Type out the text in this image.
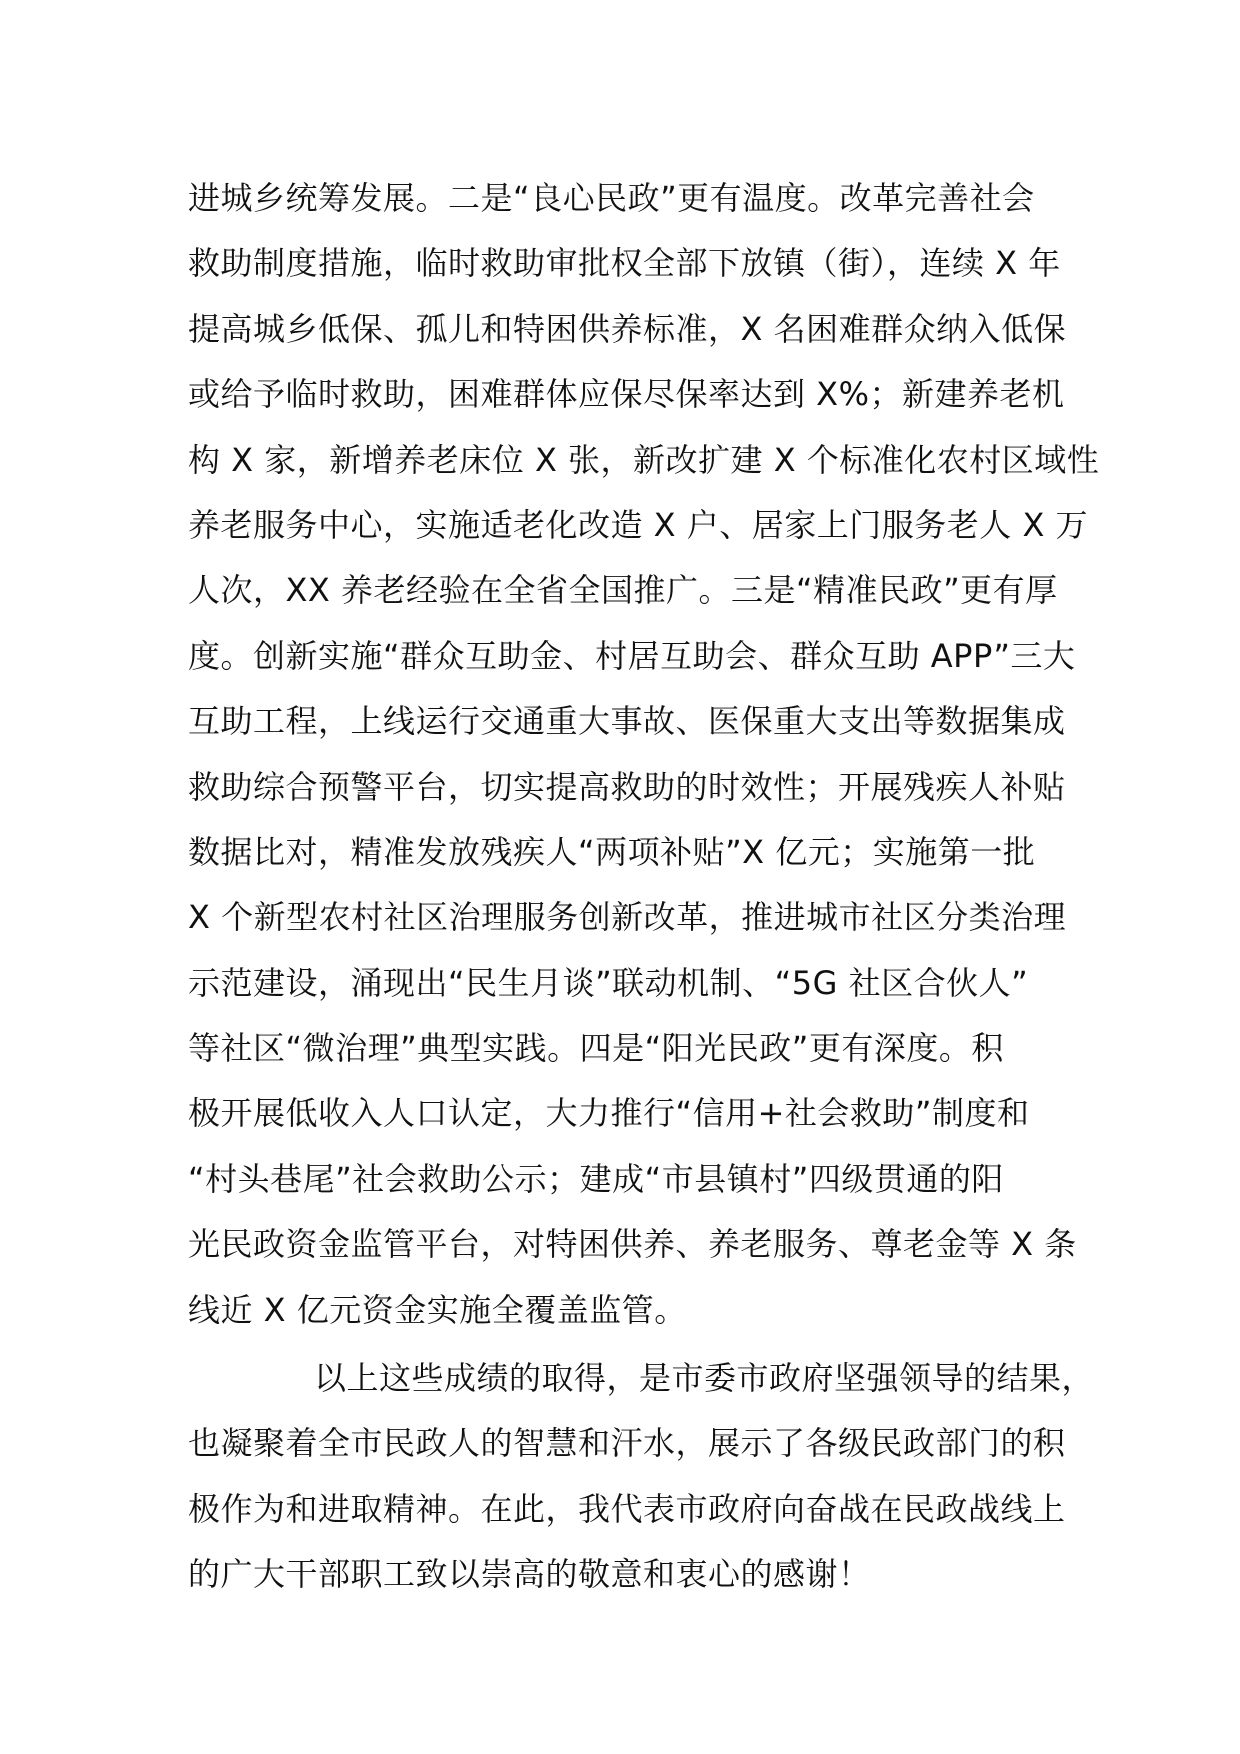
进城乡统筹发展。二是“良心民政”更有温度。改革完善社会
救助制度措施，临时救助审批权全部下放镇（街），连续 X 年
提高城乡低保、孤儿和特困供养标准，X 名困难群众纳入低保
或给予临时救助，困难群体应保尽保率达到 X%；新建养老机
构 X 家，新增养老床位 X 张，新改扩建 X 个标准化农村区域性
养老服务中心，实施适老化改造 X 户、居家上门服务老人 X 万
人次，XX 养老经验在全省全国推广。三是“精准民政”更有厚
度。创新实施“群众互助金、村居互助会、群众互助 APP”三大
互助工程，上线运行交通重大事故、医保重大支出等数据集成
救助综合预警平台，切实提高救助的时效性；开展残疾人补贴
数据比对，精准发放残疾人“两项补贴”X 亿元；实施第一批
X 个新型农村社区治理服务创新改革，推进城市社区分类治理
示范建设，涌现出“民生月谈”联动机制、“5G 社区合伙人”
等社区“微治理”典型实践。四是“阳光民政”更有深度。积
极开展低收入人口认定，大力推行“信用+社会救助”制度和
“村头巷尾”社会救助公示；建成“市县镇村”四级贯通的阳
光民政资金监管平台，对特困供养、养老服务、尊老金等 X 条
线近 X 亿元资金实施全覆盖监管。
以上这些成绩的取得，是市委市政府坚强领导的结果，
也凝聚着全市民政人的智慧和汗水，展示了各级民政部门的积
极作为和进取精神。在此，我代表市政府向奋战在民政战线上
的广大干部职工致以崇高的敬意和衷心的感谢！
